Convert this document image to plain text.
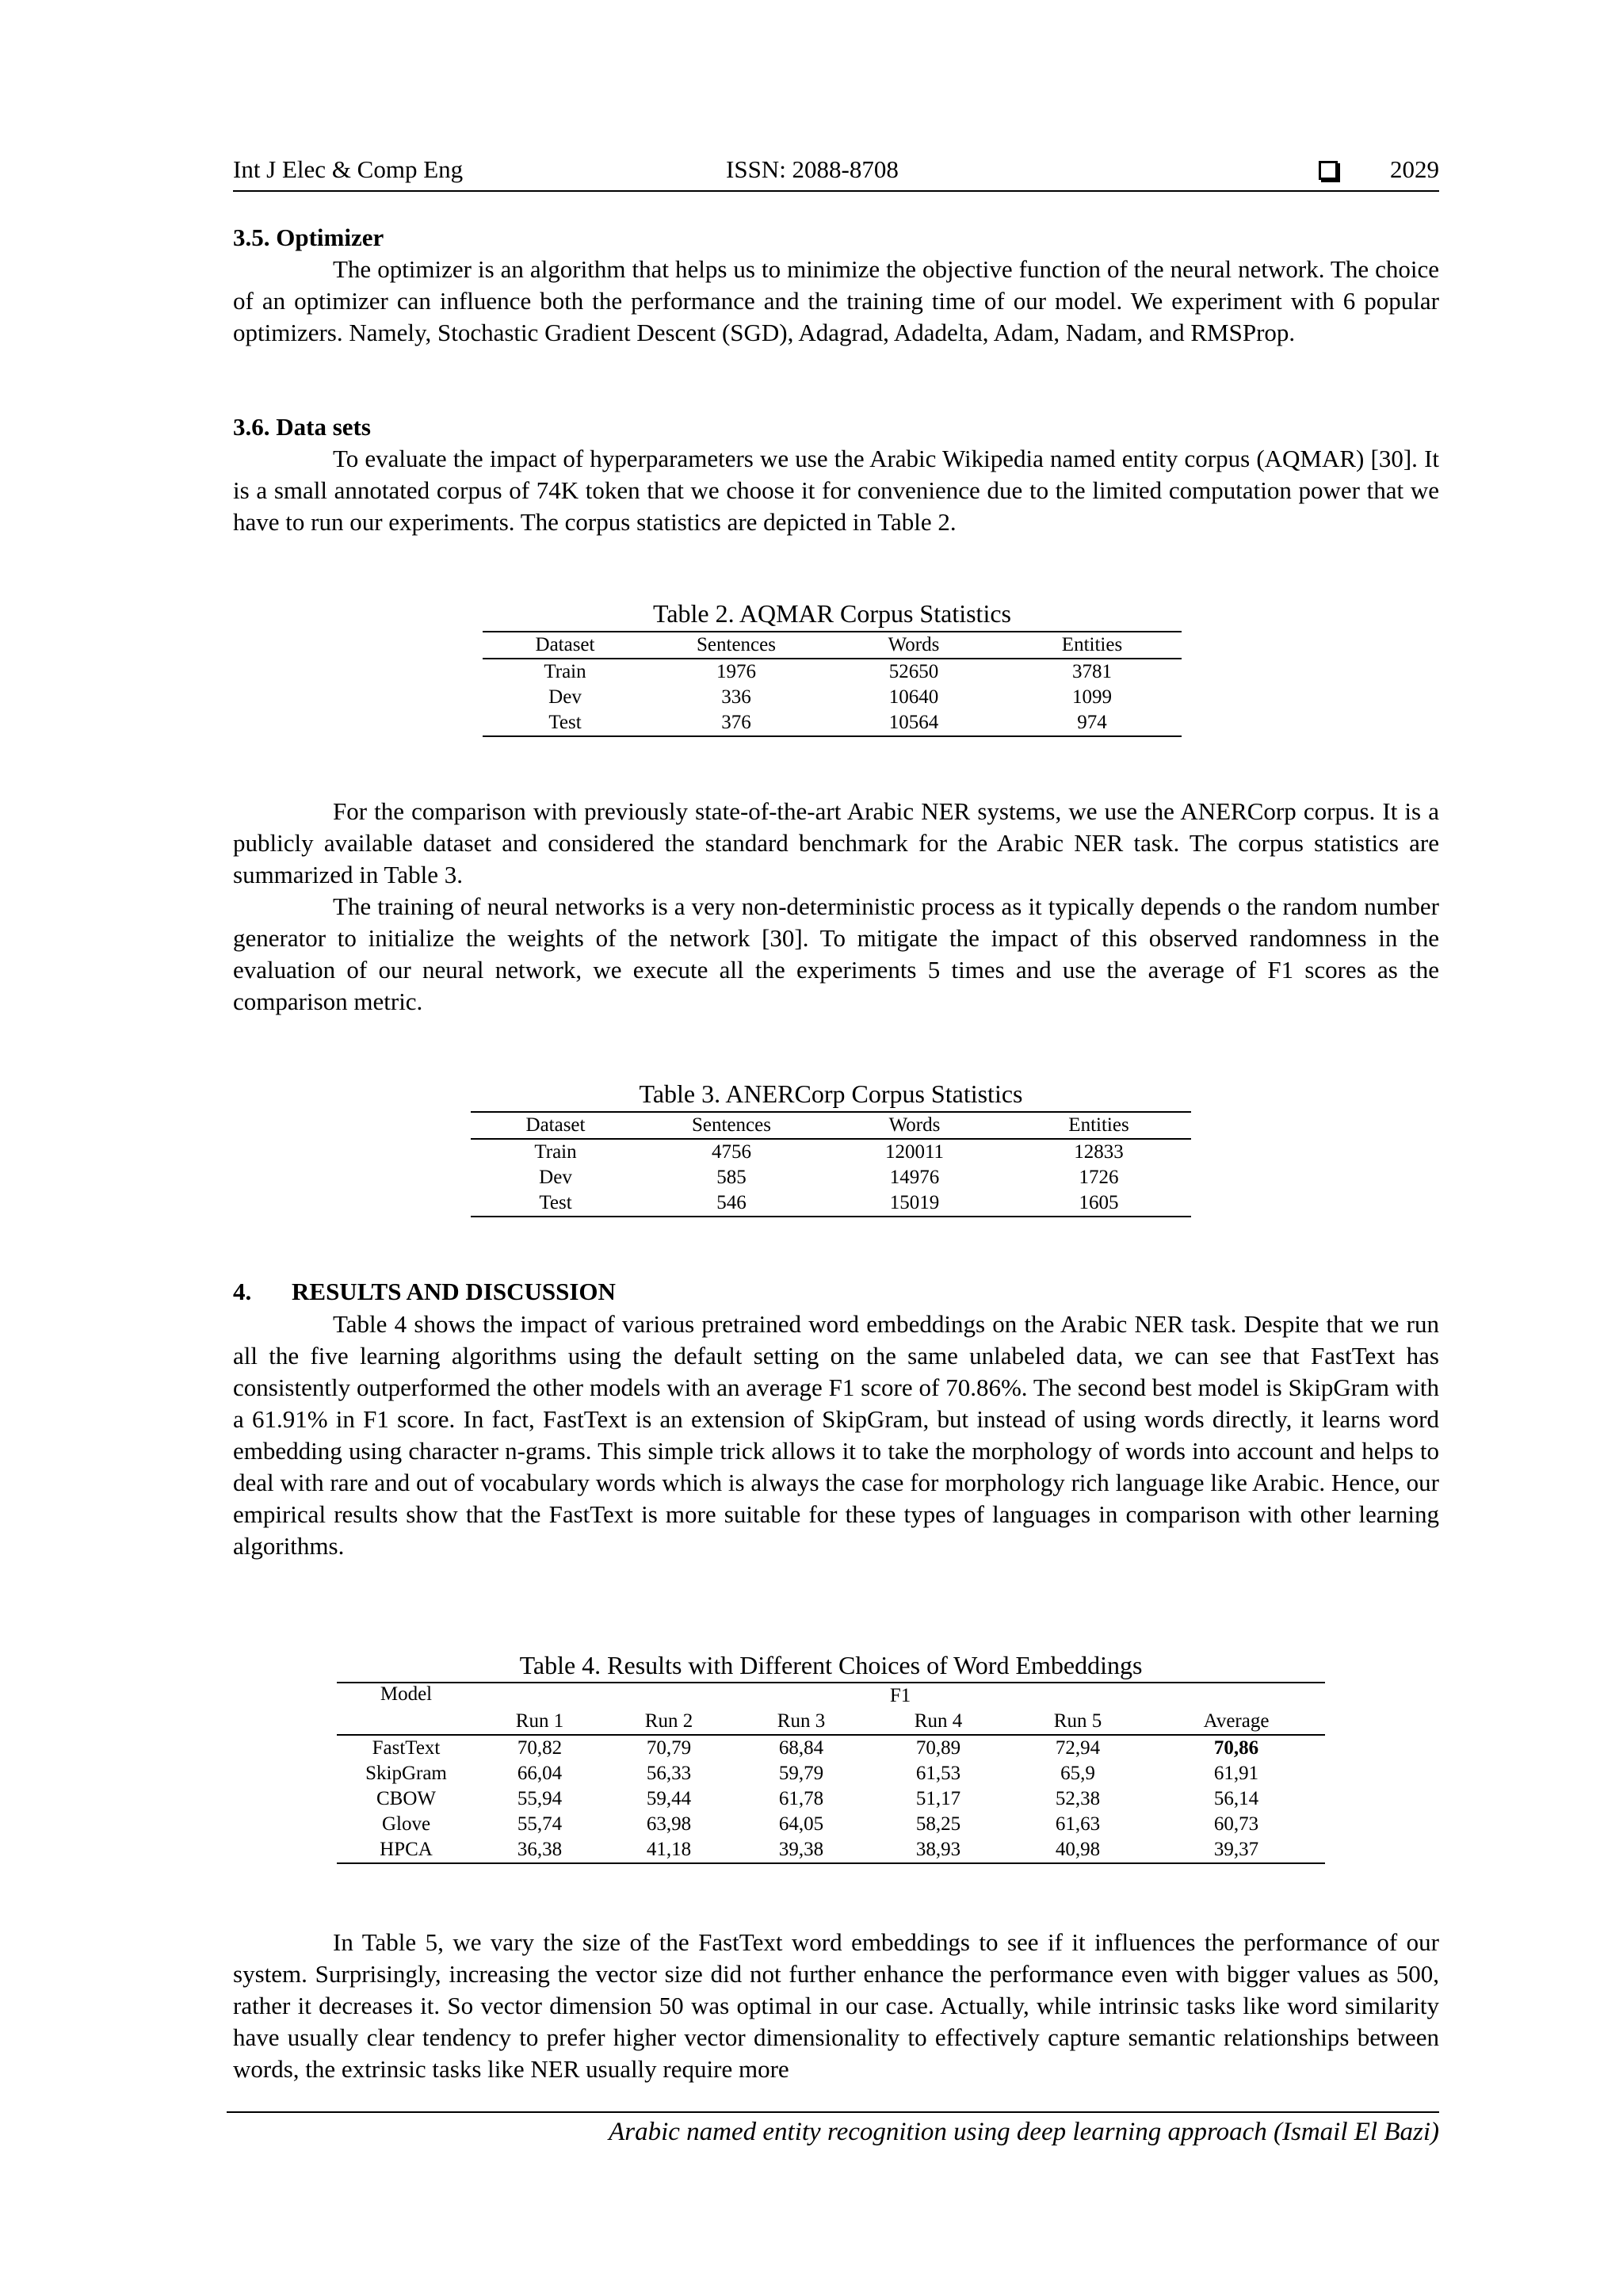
Int J Elec & Comp Eng	ISSN: 2088-8708	2029
3.5. Optimizer

The optimizer is an algorithm that helps us to minimize the objective function of the neural network. The choice of an optimizer can influence both the performance and the training time of our model. We experiment with 6 popular optimizers. Namely, Stochastic Gradient Descent (SGD), Adagrad, Adadelta, Adam, Nadam, and RMSProp.

3.6. Data sets

To evaluate the impact of hyperparameters we use the Arabic Wikipedia named entity corpus (AQMAR) [30]. It is a small annotated corpus of 74K token that we choose it for convenience due to the limited computation power that we have to run our experiments. The corpus statistics are depicted in Table 2.

Table 2. AQMAR Corpus Statistics
Dataset	Sentences	Words	Entities
Train	1976	52650	3781
Dev	336	10640	1099
Test	376	10564	974

For the comparison with previously state-of-the-art Arabic NER systems, we use the ANERCorp corpus. It is a publicly available dataset and considered the standard benchmark for the Arabic NER task. The corpus statistics are summarized in Table 3.

The training of neural networks is a very non-deterministic process as it typically depends o the random number generator to initialize the weights of the network [30]. To mitigate the impact of this observed randomness in the evaluation of our neural network, we execute all the experiments 5 times and use the average of F1 scores as the comparison metric.

Table 3. ANERCorp Corpus Statistics
Dataset	Sentences	Words	Entities
Train	4756	120011	12833
Dev	585	14976	1726
Test	546	15019	1605
4. RESULTS AND DISCUSSION

Table 4 shows the impact of various pretrained word embeddings on the Arabic NER task. Despite that we run all the five learning algorithms using the default setting on the same unlabeled data, we can see that FastText has consistently outperformed the other models with an average F1 score of 70.86%. The second best model is SkipGram with a 61.91% in F1 score. In fact, FastText is an extension of SkipGram, but instead of using words directly, it learns word embedding using character n-grams. This simple trick allows it to take the morphology of words into account and helps to deal with rare and out of vocabulary words which is always the case for morphology rich language like Arabic. Hence, our empirical results show that the FastText is more suitable for these types of languages in comparison with other learning algorithms.

Table 4. Results with Different Choices of Word Embeddings
Model	F1					
	Run 1	Run 2	Run 3	Run 4	Run 5	Average
FastText	70,82	70,79	68,84	70,89	72,94	70,86
SkipGram	66,04	56,33	59,79	61,53	65,9	61,91
CBOW	55,94	59,44	61,78	51,17	52,38	56,14
Glove	55,74	63,98	64,05	58,25	61,63	60,73
HPCA	36,38	41,18	39,38	38,93	40,98	39,37

In Table 5, we vary the size of the FastText word embeddings to see if it influences the performance of our system. Surprisingly, increasing the vector size did not further enhance the performance even with bigger values as 500, rather it decreases it. So vector dimension 50 was optimal in our case. Actually, while intrinsic tasks like word similarity have usually clear tendency to prefer higher vector dimensionality to effectively capture semantic relationships between words, the extrinsic tasks like NER usually require more

Arabic named entity recognition using deep learning approach (Ismail El Bazi)
